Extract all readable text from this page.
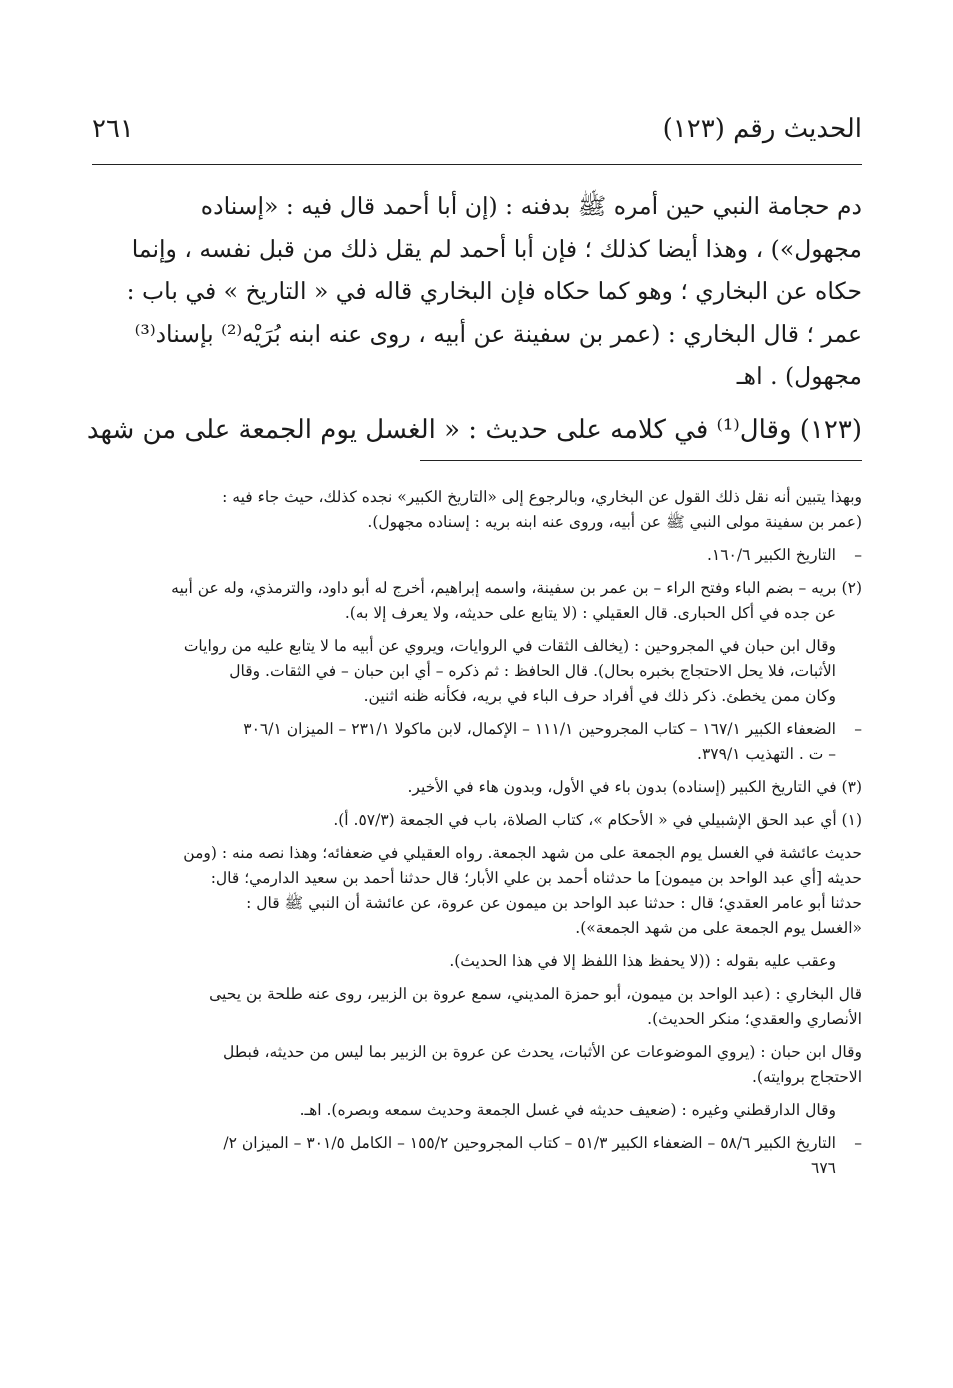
الحديث رقم (١٢٣)
٢٦١
دم حجامة النبي حين أمره ﷺ بدفنه : (إن أبا أحمد قال فيه : «إسناده
مجهول») ، وهذا أيضا كذلك ؛ فإن أبا أحمد لم يقل ذلك من قبل نفسه ، وإنما
حكاه عن البخاري ؛ وهو كما حكاه فإن البخاري قاله في « التاريخ » في باب :
عمر ؛ قال البخاري : (عمر بن سفينة عن أبيه ، روى عنه ابنه بُرَيْه⁽²⁾ بإسناد⁽³⁾
مجهول) . اهـ
(١٢٣) وقال⁽¹⁾ في كلامه على حديث : « الغسل يوم الجمعة على من شهد

وبهذا يتبين أنه نقل ذلك القول عن البخاري، وبالرجوع إلى «التاريخ الكبير» نجده كذلك، حيث جاء فيه :
(عمر بن سفينة مولى النبي ﷺ عن أبيه، وروى عنه ابنه بريه : إسناده مجهول).
–
التاريخ الكبير ١٦٠/٦.
(٢) بريه – بضم الباء وفتح الراء – بن عمر بن سفينة، واسمه إبراهيم، أخرج له أبو داود، والترمذي، وله عن أبيه
عن جده في أكل الحبارى. قال العقيلي : (لا يتابع على حديثه، ولا يعرف إلا به).
وقال ابن حبان في المجروحين : (يخالف الثقات في الروايات، ويروي عن أبيه ما لا يتابع عليه من روايات
الأثبات، فلا يحل الاحتجاج بخبره بحال). قال الحافظ : ثم ذكره – أي ابن حبان – في الثقات. وقال
وكان ممن يخطئ. ذكر ذلك في أفراد حرف الباء في بريه، فكأنه ظنه اثنين.
–
الضعفاء الكبير ١٦٧/١ – كتاب المجروحين ١١١/١ – الإكمال، لابن ماكولا ٢٣١/١ – الميزان ٣٠٦/١
– ت . التهذيب ٣٧٩/١.
(٣) في التاريخ الكبير (إسناده) بدون باء في الأول، وبدون هاء في الأخير.
(١) أي عبد الحق الإشبيلي في « الأحكام »، كتاب الصلاة، باب في الجمعة (٥٧/٣. أ).
حديث عائشة في الغسل يوم الجمعة على من شهد الجمعة. رواه العقيلي في ضعفائه؛ وهذا نصه منه : (ومن
حديثه [أي عبد الواحد بن ميمون] ما حدثناه أحمد بن علي الأبار؛ قال حدثنا أحمد بن سعيد الدارمي؛ قال:
حدثنا أبو عامر العقدي؛ قال : حدثنا عبد الواحد بن ميمون عن عروة، عن عائشة أن النبي ﷺ قال :
«الغسل يوم الجمعة على من شهد الجمعة»).
وعقب عليه بقوله : ((لا يحفظ هذا اللفظ إلا في هذا الحديث).
قال البخاري : (عبد الواحد بن ميمون، أبو حمزة المديني، سمع عروة بن الزبير، روى عنه طلحة بن يحيى
الأنصاري والعقدي؛ منكر الحديث).
وقال ابن حبان : (يروي الموضوعات عن الأثبات، يحدث عن عروة بن الزبير بما ليس من حديثه، فبطل
الاحتجاج بروايته).
وقال الدارقطني وغيره : (ضعيف حديثه في غسل الجمعة وحديث سمعه وبصره). اهـ.
–
التاريخ الكبير ٥٨/٦ – الضعفاء الكبير ٥١/٣ – كتاب المجروحين ١٥٥/٢ – الكامل ٣٠١/٥ – الميزان ٢/
٦٧٦
